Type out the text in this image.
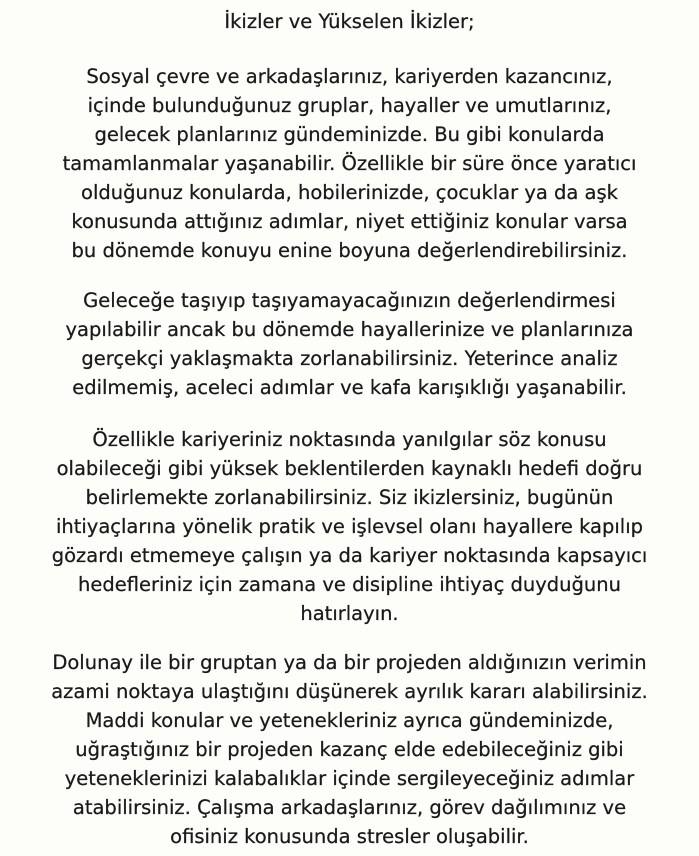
İkizler ve Yükselen İkizler;
Sosyal çevre ve arkadaşlarınız, kariyerden kazancınız,
içinde bulunduğunuz gruplar, hayaller ve umutlarınız,
gelecek planlarınız gündeminizde. Bu gibi konularda
tamamlanmalar yaşanabilir. Özellikle bir süre önce yaratıcı
olduğunuz konularda, hobilerinizde, çocuklar ya da aşk
konusunda attığınız adımlar, niyet ettiğiniz konular varsa
bu dönemde konuyu enine boyuna değerlendirebilirsiniz.
Geleceğe taşıyıp taşıyamayacağınızın değerlendirmesi
yapılabilir ancak bu dönemde hayallerinize ve planlarınıza
gerçekçi yaklaşmakta zorlanabilirsiniz. Yeterince analiz
edilmemiş, aceleci adımlar ve kafa karışıklığı yaşanabilir.
Özellikle kariyeriniz noktasında yanılgılar söz konusu
olabileceği gibi yüksek beklentilerden kaynaklı hedefi doğru
belirlemekte zorlanabilirsiniz. Siz ikizlersiniz, bugünün
ihtiyaçlarına yönelik pratik ve işlevsel olanı hayallere kapılıp
gözardı etmemeye çalışın ya da kariyer noktasında kapsayıcı
hedefleriniz için zamana ve disipline ihtiyaç duyduğunu
hatırlayın.
Dolunay ile bir gruptan ya da bir projeden aldığınızın verimin
azami noktaya ulaştığını düşünerek ayrılık kararı alabilirsiniz.
Maddi konular ve yetenekleriniz ayrıca gündeminizde,
uğraştığınız bir projeden kazanç elde edebileceğiniz gibi
yeteneklerinizi kalabalıklar içinde sergileyeceğiniz adımlar
atabilirsiniz. Çalışma arkadaşlarınız, görev dağılımınız ve
ofisiniz konusunda stresler oluşabilir.
